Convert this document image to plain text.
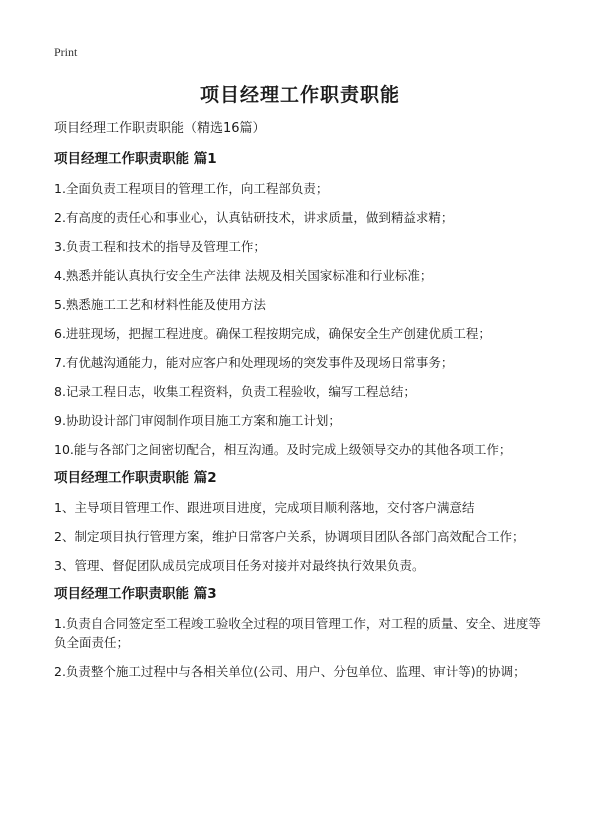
Print
项目经理工作职责职能
项目经理工作职责职能（精选16篇）
项目经理工作职责职能 篇1
1.全面负责工程项目的管理工作，向工程部负责；
2.有高度的责任心和事业心，认真钻研技术，讲求质量，做到精益求精；
3.负责工程和技术的指导及管理工作；
4.熟悉并能认真执行安全生产法律 法规及相关国家标准和行业标准；
5.熟悉施工工艺和材料性能及使用方法
6.进驻现场，把握工程进度。确保工程按期完成，确保安全生产创建优质工程；
7.有优越沟通能力，能对应客户和处理现场的突发事件及现场日常事务；
8.记录工程日志，收集工程资料，负责工程验收，编写工程总结；
9.协助设计部门审阅制作项目施工方案和施工计划；
10.能与各部门之间密切配合，相互沟通。及时完成上级领导交办的其他各项工作；
项目经理工作职责职能 篇2
1、主导项目管理工作、跟进项目进度，完成项目顺利落地，交付客户满意结
2、制定项目执行管理方案，维护日常客户关系，协调项目团队各部门高效配合工作；
3、管理、督促团队成员完成项目任务对接并对最终执行效果负责。
项目经理工作职责职能 篇3
1.负责自合同签定至工程竣工验收全过程的项目管理工作，对工程的质量、安全、进度等负全面责任；
2.负责整个施工过程中与各相关单位(公司、用户、分包单位、监理、审计等)的协调；
